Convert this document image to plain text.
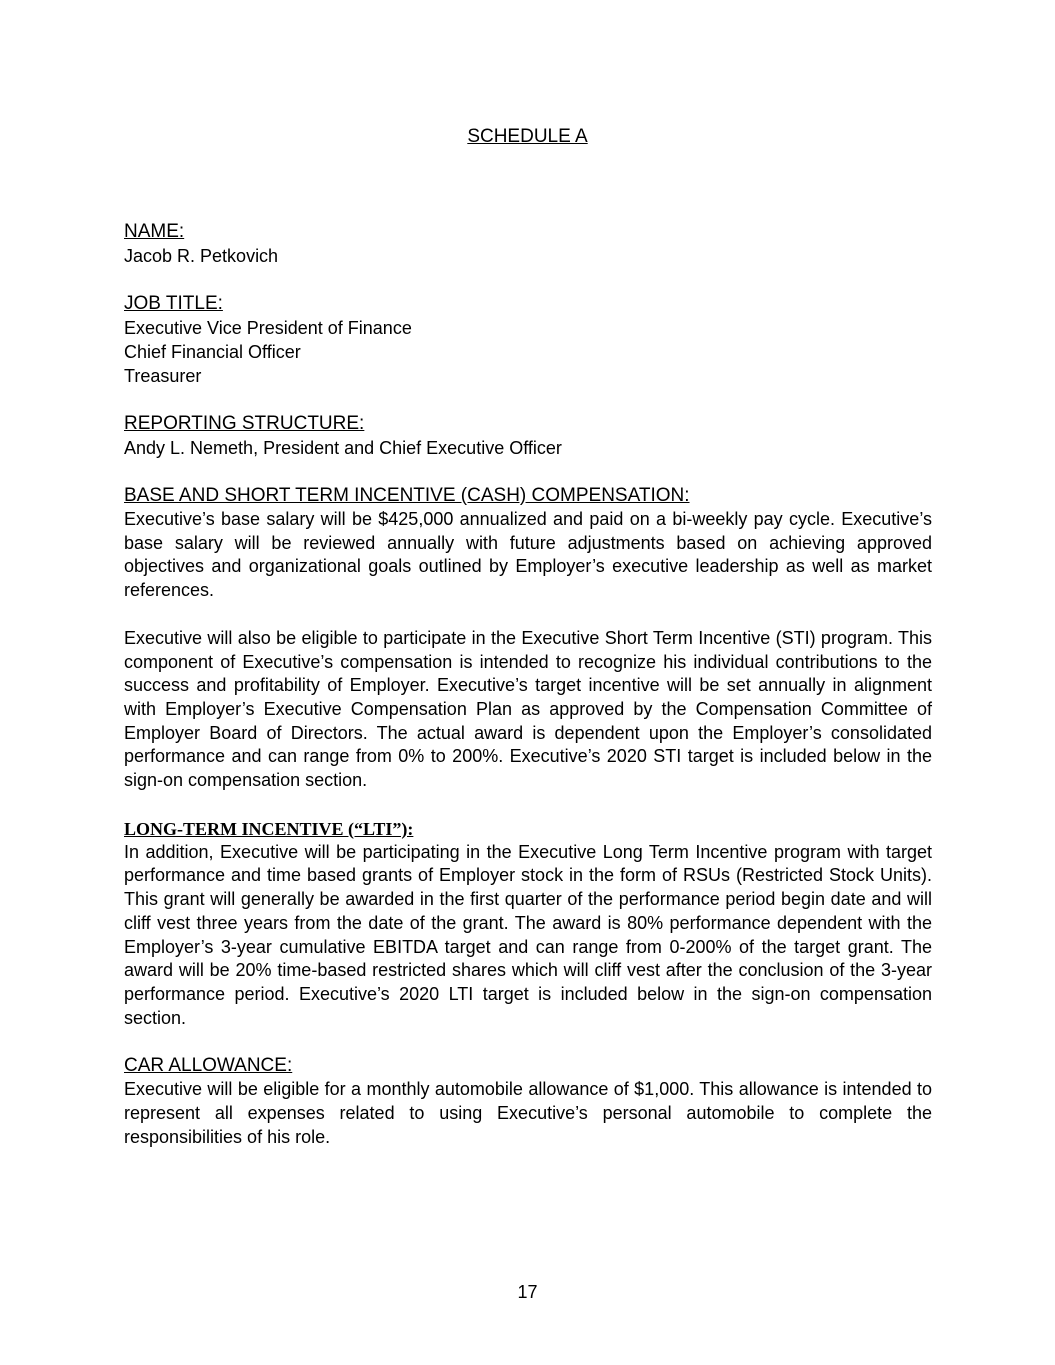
SCHEDULE A

NAME:

Jacob R. Petkovich

JOB TITLE:

Executive Vice President of Finance

Chief Financial Officer

Treasurer

REPORTING STRUCTURE:

Andy L. Nemeth, President and Chief Executive Officer

BASE AND SHORT TERM INCENTIVE (CASH) COMPENSATION:

Executive’s base salary will be $425,000 annualized and paid on a bi-weekly pay cycle. Executive’s base salary will be reviewed annually with future adjustments based on achieving approved objectives and organizational goals outlined by Employer’s executive leadership as well as market references.

Executive will also be eligible to participate in the Executive Short Term Incentive (STI) program. This component of Executive’s compensation is intended to recognize his individual contributions to the success and profitability of Employer. Executive’s target incentive will be set annually in alignment with Employer’s Executive Compensation Plan as approved by the Compensation Committee of Employer Board of Directors. The actual award is dependent upon the Employer’s consolidated performance and can range from 0% to 200%. Executive’s 2020 STI target is included below in the sign-on compensation section.

LONG-TERM INCENTIVE (“LTI”):

In addition, Executive will be participating in the Executive Long Term Incentive program with target performance and time based grants of Employer stock in the form of RSUs (Restricted Stock Units). This grant will generally be awarded in the first quarter of the performance period begin date and will cliff vest three years from the date of the grant. The award is 80% performance dependent with the Employer’s 3-year cumulative EBITDA target and can range from 0-200% of the target grant. The award will be 20% time-based restricted shares which will cliff vest after the conclusion of the 3-year performance period. Executive’s 2020 LTI target is included below in the sign-on compensation section.

CAR ALLOWANCE:

Executive will be eligible for a monthly automobile allowance of $1,000. This allowance is intended to represent all expenses related to using Executive’s personal automobile to complete the responsibilities of his role.

17
